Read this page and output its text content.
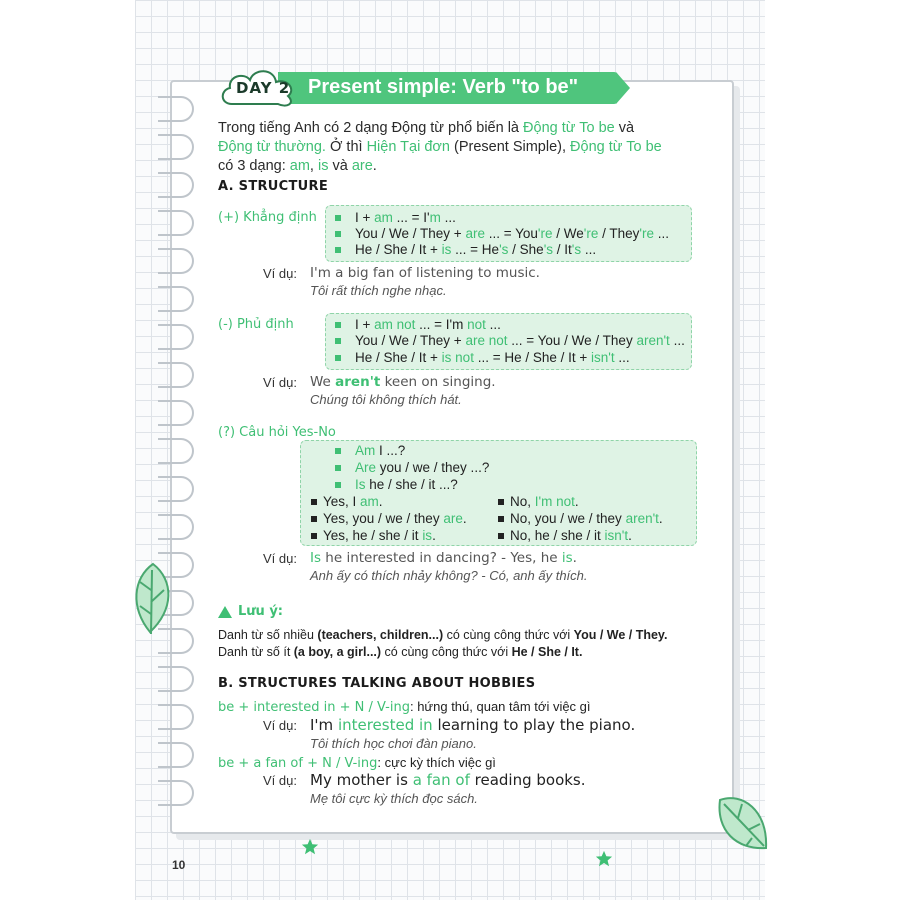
DAY 2 Present simple: Verb "to be"
Trong tiếng Anh có 2 dạng Động từ phổ biến là Động từ To be và
Động từ thường. Ở thì Hiện Tại đơn (Present Simple), Động từ To be
có 3 dạng: am, is và are.
A. STRUCTURE
(+) Khẳng định	I + am ... = I'm ...
You / We / They + are ... = You're / We're / They're ...
He / She / It + is ... = He's / She's / It's ...
Ví dụ: I'm a big fan of listening to music.
Tôi rất thích nghe nhạc.
(-) Phủ định	I + am not ... = I'm not ...
You / We / They + are not ... = You / We / They aren't ...
He / She / It + is not ... = He / She / It + isn't ...
Ví dụ: We aren't keen on singing.
Chúng tôi không thích hát.
(?) Câu hỏi Yes-No
Am I ...?
Are you / we / they ...?
Is he / she / it ...?
Yes, I am.
Yes, you / we / they are.
Yes, he / she / it is.
No, I'm not.
No, you / we / they aren't.
No, he / she / it isn't.
Ví dụ: Is he interested in dancing? - Yes, he is.
Anh ấy có thích nhảy không? - Có, anh ấy thích.
Lưu ý:
Danh từ số nhiều (teachers, children...) có cùng công thức với You / We / They.
Danh từ số ít (a boy, a girl...) có cùng công thức với He / She / It.
B. STRUCTURES TALKING ABOUT HOBBIES
be + interested in + N / V-ing: hứng thú, quan tâm tới việc gì
Ví dụ: I'm interested in learning to play the piano.
Tôi thích học chơi đàn piano.
be + a fan of + N / V-ing: cực kỳ thích việc gì
Ví dụ: My mother is a fan of reading books.
Mẹ tôi cực kỳ thích đọc sách.
10
